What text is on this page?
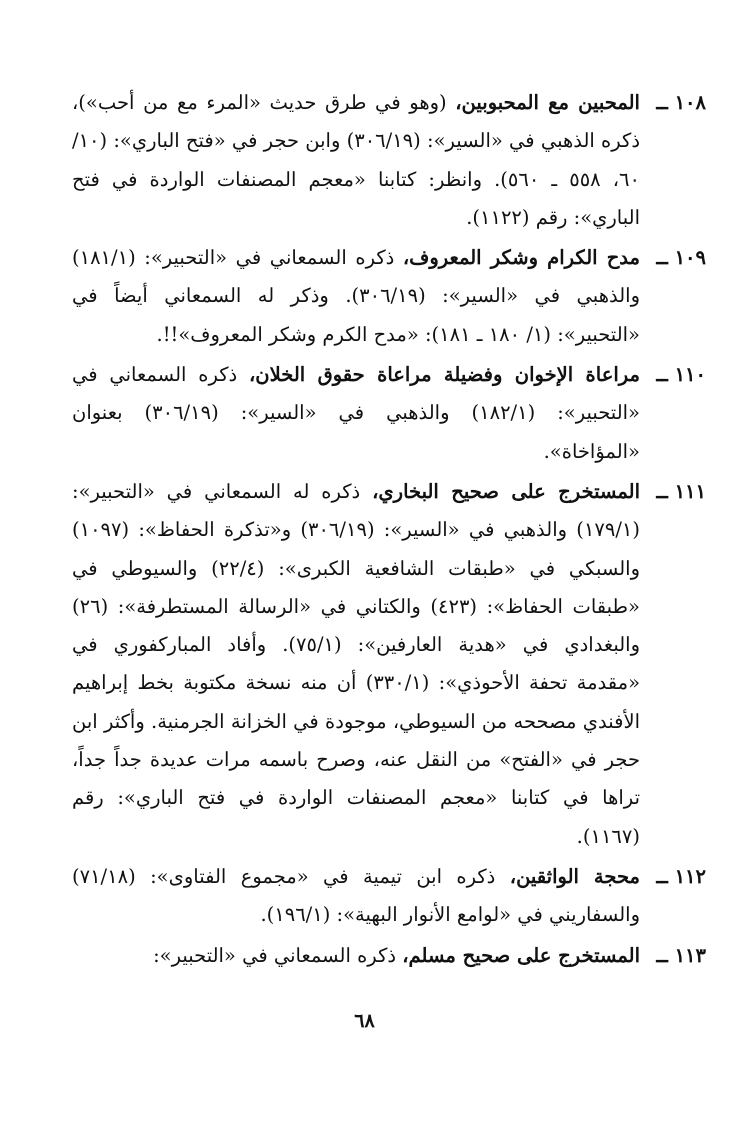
١٠٨ ــ

المحبين مع المحبوبين، (وهو في طرق حديث «المرء مع من أحب»)، ذكره الذهبي في «السير»: (٣٠٦/١٩) وابن حجر في «فتح الباري»: (١٠/ ٦٠، ٥٥٨ ـ ٥٦٠). وانظر: كتابنا «معجم المصنفات الواردة في فتح الباري»: رقم (١١٢٢).

١٠٩ ــ

مدح الكرام وشكر المعروف، ذكره السمعاني في «التحبير»: (١٨١/١) والذهبي في «السير»: (٣٠٦/١٩). وذكر له السمعاني أيضاً في «التحبير»: (١/ ١٨٠ ـ ١٨١): «مدح الكرم وشكر المعروف»!!.

١١٠ ــ

مراعاة الإخوان وفضيلة مراعاة حقوق الخلان، ذكره السمعاني في «التحبير»: (١٨٢/١) والذهبي في «السير»: (٣٠٦/١٩) بعنوان «المؤاخاة».

١١١ ــ

المستخرج على صحيح البخاري، ذكره له السمعاني في «التحبير»: (١٧٩/١) والذهبي في «السير»: (٣٠٦/١٩) و«تذكرة الحفاظ»: (١٠٩٧) والسبكي في «طبقات الشافعية الكبرى»: (٢٢/٤) والسيوطي في «طبقات الحفاظ»: (٤٢٣) والكتاني في «الرسالة المستطرفة»: (٢٦) والبغدادي في «هدية العارفين»: (٧٥/١). وأفاد المباركفوري في «مقدمة تحفة الأحوذي»: (٣٣٠/١) أن منه نسخة مكتوبة بخط إبراهيم الأفندي مصححه من السيوطي، موجودة في الخزانة الجرمنية. وأكثر ابن حجر في «الفتح» من النقل عنه، وصرح باسمه مرات عديدة جداً جداً، تراها في كتابنا «معجم المصنفات الواردة في فتح الباري»: رقم (١١٦٧).

١١٢ ــ

محجة الواثقين، ذكره ابن تيمية في «مجموع الفتاوى»: (٧١/١٨) والسفاريني في «لوامع الأنوار البهية»: (١٩٦/١).

١١٣ ــ

المستخرج على صحيح مسلم، ذكره السمعاني في «التحبير»:

٦٨
